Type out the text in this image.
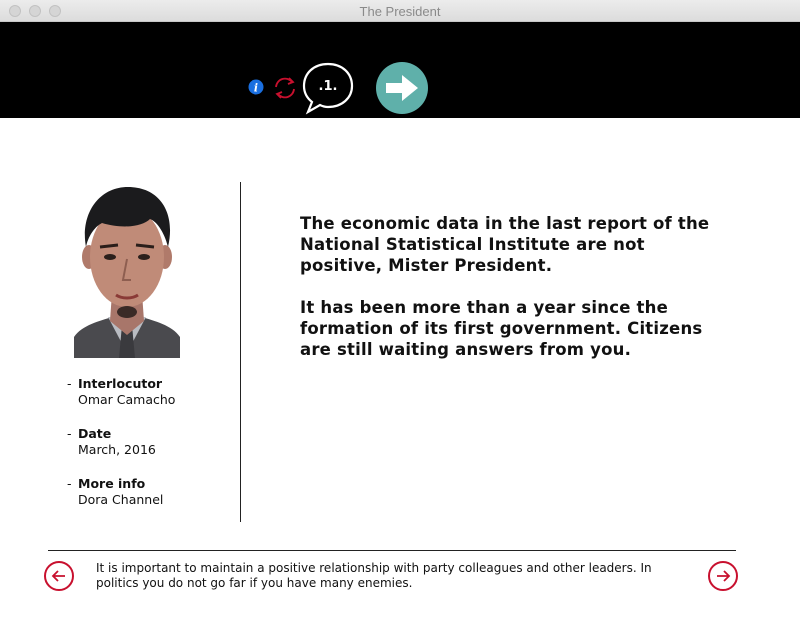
The President
i	.1.
- Interlocutor
Omar Camacho
- Date
March, 2016
- More info
Dora Channel

The economic data in the last report of the National Statistical Institute are not positive, Mister President.

It has been more than a year since the formation of its first government. Citizens are still waiting answers from you.

It is important to maintain a positive relationship with party colleagues and other leaders. In politics you do not go far if you have many enemies.
